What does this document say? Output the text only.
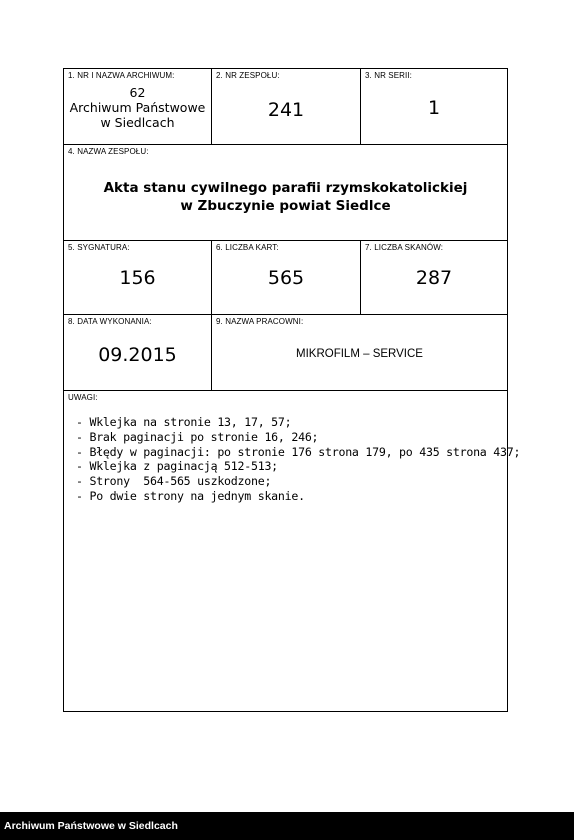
1. NR I NAZWA ARCHIWUM:
62
Archiwum Państwowe
w Siedlcach
2. NR ZESPOŁU:
241
3. NR SERII:
1
4. NAZWA ZESPOŁU:
Akta stanu cywilnego parafii rzymskokatolickiej
w Zbuczynie powiat Siedlce
5. SYGNATURA:
156
6. LICZBA KART:
565
7. LICZBA SKANÓW:
287
8. DATA WYKONANIA:
09.2015
9. NAZWA PRACOWNI:
MIKROFILM – SERVICE
UWAGI:
- Wklejka na stronie 13, 17, 57;
- Brak paginacji po stronie 16, 246;
- Błędy w paginacji: po stronie 176 strona 179, po 435 strona 437;
- Wklejka z paginacją 512-513;
- Strony  564-565 uszkodzone;
- Po dwie strony na jednym skanie.
Archiwum Państwowe w Siedlcach
